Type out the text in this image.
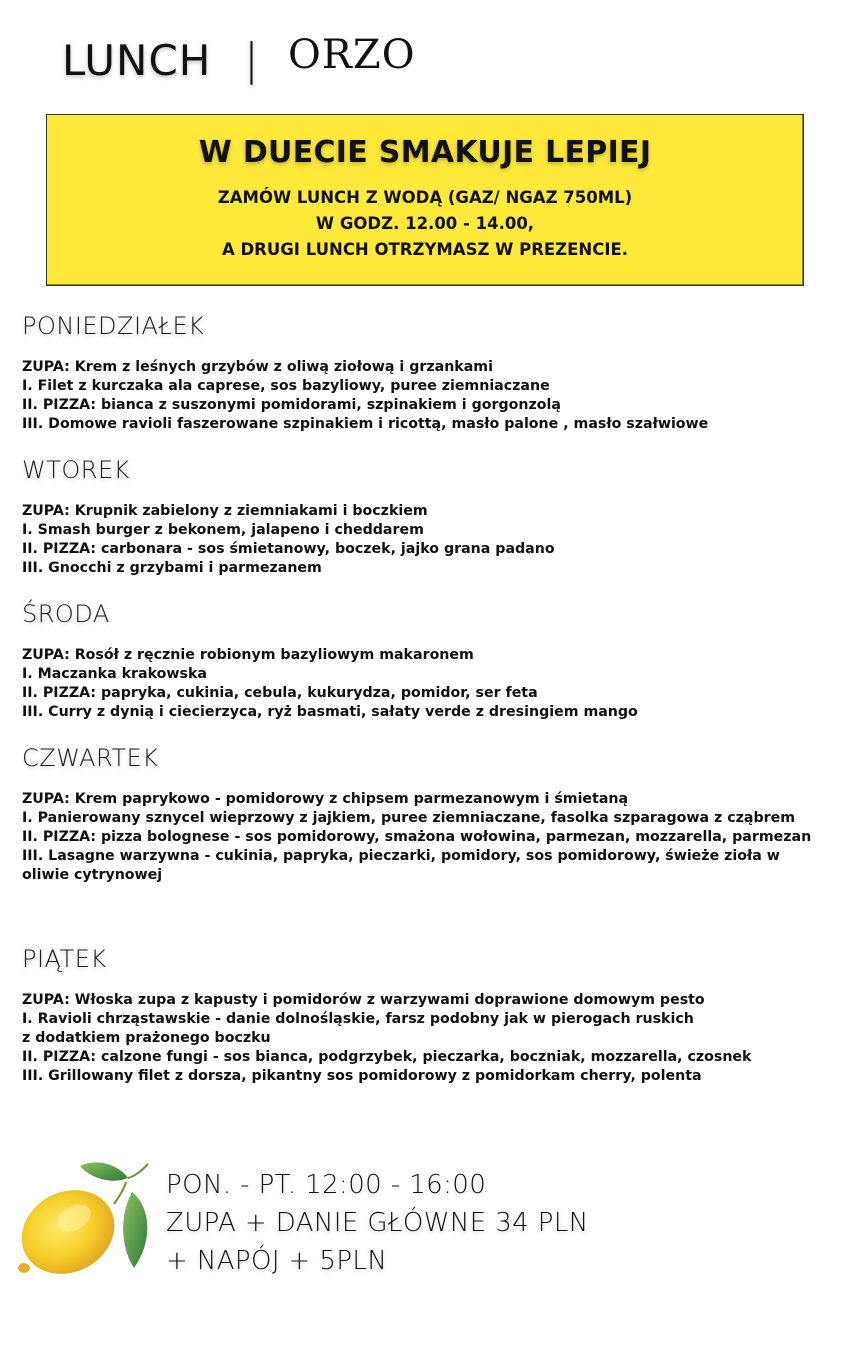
LUNCH | ORZO
W DUECIE SMAKUJE LEPIEJ
ZAMÓW LUNCH Z WODĄ (GAZ/ NGAZ 750ML)
W GODZ. 12.00 - 14.00,
A DRUGI LUNCH OTRZYMASZ W PREZENCIE.
PONIEDZIAŁEK
ZUPA: Krem z leśnych grzybów z oliwą ziołową i grzankami
I. Filet z kurczaka ala caprese, sos bazyliowy, puree ziemniaczane
II. PIZZA: bianca z suszonymi pomidorami, szpinakiem i gorgonzolą
III. Domowe ravioli faszerowane szpinakiem i ricottą, masło palone , masło szałwiowe
WTOREK
ZUPA: Krupnik zabielony z ziemniakami i boczkiem
I. Smash burger z bekonem, jalapeno i cheddarem
II. PIZZA: carbonara - sos śmietanowy, boczek, jajko grana padano
III. Gnocchi z grzybami i parmezanem
ŚRODA
ZUPA: Rosół z ręcznie robionym bazyliowym makaronem
I. Maczanka krakowska
II. PIZZA: papryka, cukinia, cebula, kukurydza, pomidor, ser feta
III. Curry z dynią i ciecierzyca, ryż basmati, sałaty verde z dresingiem mango
CZWARTEK
ZUPA: Krem paprykowo - pomidorowy z chipsem parmezanowym i śmietaną
I. Panierowany sznycel wieprzowy z jajkiem, puree ziemniaczane, fasolka szparagowa z cząbrem
II. PIZZA: pizza bolognese - sos pomidorowy, smażona wołowina, parmezan, mozzarella, parmezan
III. Lasagne warzywna - cukinia, papryka, pieczarki, pomidory, sos pomidorowy, świeże zioła w oliwie cytrynowej
PIĄTEK
ZUPA: Włoska zupa z kapusty i pomidorów z warzywami doprawione domowym pesto
I. Ravioli chrząstawskie - danie dolnośląskie, farsz podobny jak w pierogach ruskich
z dodatkiem prażonego boczku
II. PIZZA: calzone fungi - sos bianca, podgrzybek, pieczarka, boczniak, mozzarella, czosnek
III. Grillowany filet z dorsza, pikantny sos pomidorowy z pomidorkam cherry, polenta
PON. - PT. 12:00 - 16:00
ZUPA + DANIE GŁÓWNE 34 PLN
+ NAPÓJ + 5PLN
